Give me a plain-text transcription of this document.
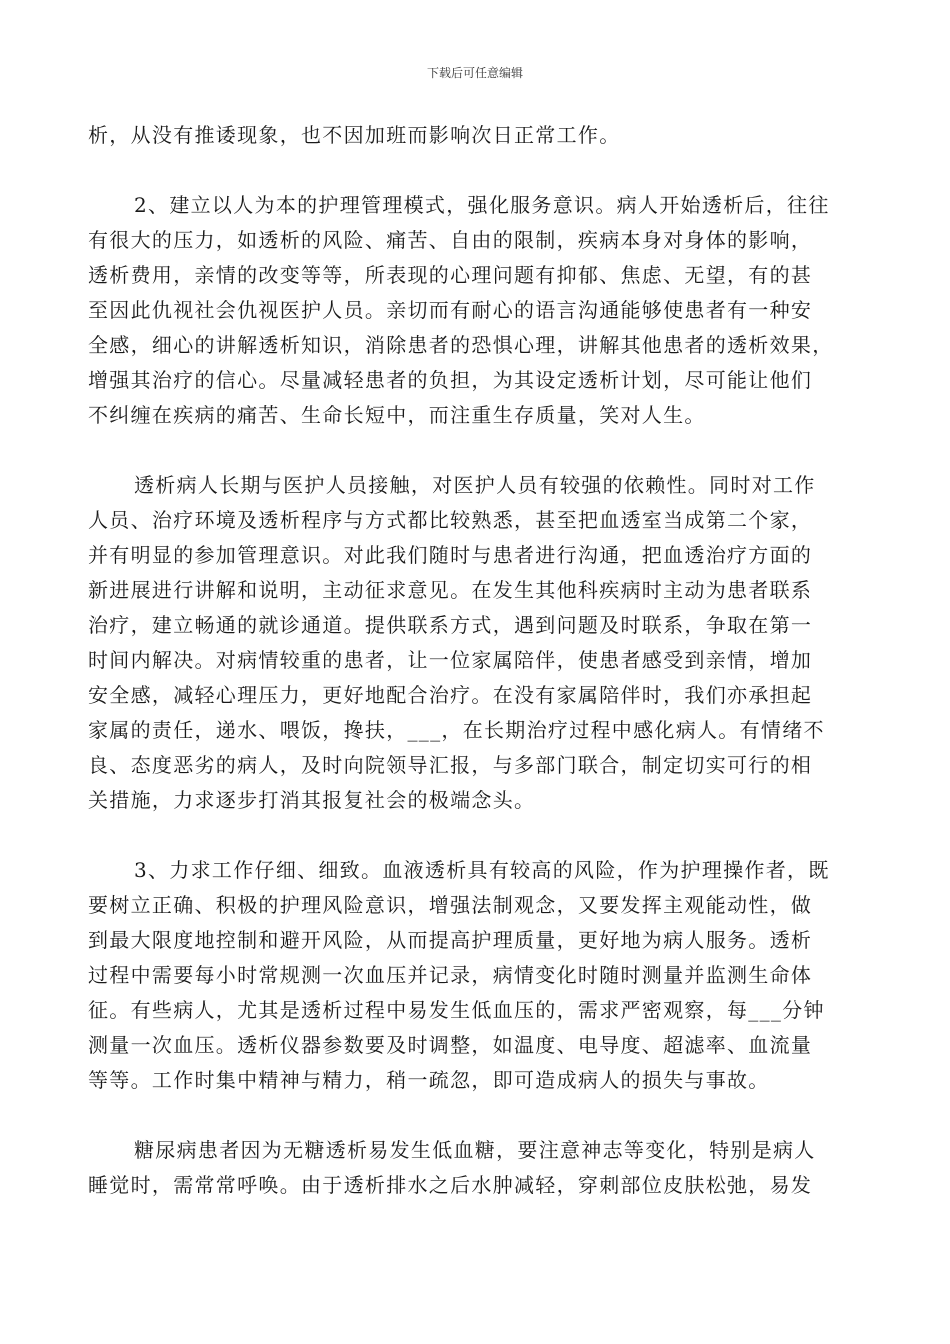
下载后可任意编辑
析，从没有推诿现象，也不因加班而影响次日正常工作。
2、建立以人为本的护理管理模式，强化服务意识。病人开始透析后，往往
有很大的压力，如透析的风险、痛苦、自由的限制，疾病本身对身体的影响，
透析费用，亲情的改变等等，所表现的心理问题有抑郁、焦虑、无望，有的甚
至因此仇视社会仇视医护人员。亲切而有耐心的语言沟通能够使患者有一种安
全感，细心的讲解透析知识，消除患者的恐惧心理，讲解其他患者的透析效果，
增强其治疗的信心。尽量减轻患者的负担，为其设定透析计划，尽可能让他们
不纠缠在疾病的痛苦、生命长短中，而注重生存质量，笑对人生。
透析病人长期与医护人员接触，对医护人员有较强的依赖性。同时对工作
人员、治疗环境及透析程序与方式都比较熟悉，甚至把血透室当成第二个家，
并有明显的参加管理意识。对此我们随时与患者进行沟通，把血透治疗方面的
新进展进行讲解和说明，主动征求意见。在发生其他科疾病时主动为患者联系
治疗，建立畅通的就诊通道。提供联系方式，遇到问题及时联系，争取在第一
时间内解决。对病情较重的患者，让一位家属陪伴，使患者感受到亲情，增加
安全感，减轻心理压力，更好地配合治疗。在没有家属陪伴时，我们亦承担起
家属的责任，递水、喂饭，搀扶，___，在长期治疗过程中感化病人。有情绪不
良、态度恶劣的病人，及时向院领导汇报，与多部门联合，制定切实可行的相
关措施，力求逐步打消其报复社会的极端念头。
3、力求工作仔细、细致。血液透析具有较高的风险，作为护理操作者，既
要树立正确、积极的护理风险意识，增强法制观念，又要发挥主观能动性，做
到最大限度地控制和避开风险，从而提高护理质量，更好地为病人服务。透析
过程中需要每小时常规测一次血压并记录，病情变化时随时测量并监测生命体
征。有些病人，尤其是透析过程中易发生低血压的，需求严密观察，每___分钟
测量一次血压。透析仪器参数要及时调整，如温度、电导度、超滤率、血流量
等等。工作时集中精神与精力，稍一疏忽，即可造成病人的损失与事故。
糖尿病患者因为无糖透析易发生低血糖，要注意神志等变化，特别是病人
睡觉时，需常常呼唤。由于透析排水之后水肿减轻，穿刺部位皮肤松弛，易发
